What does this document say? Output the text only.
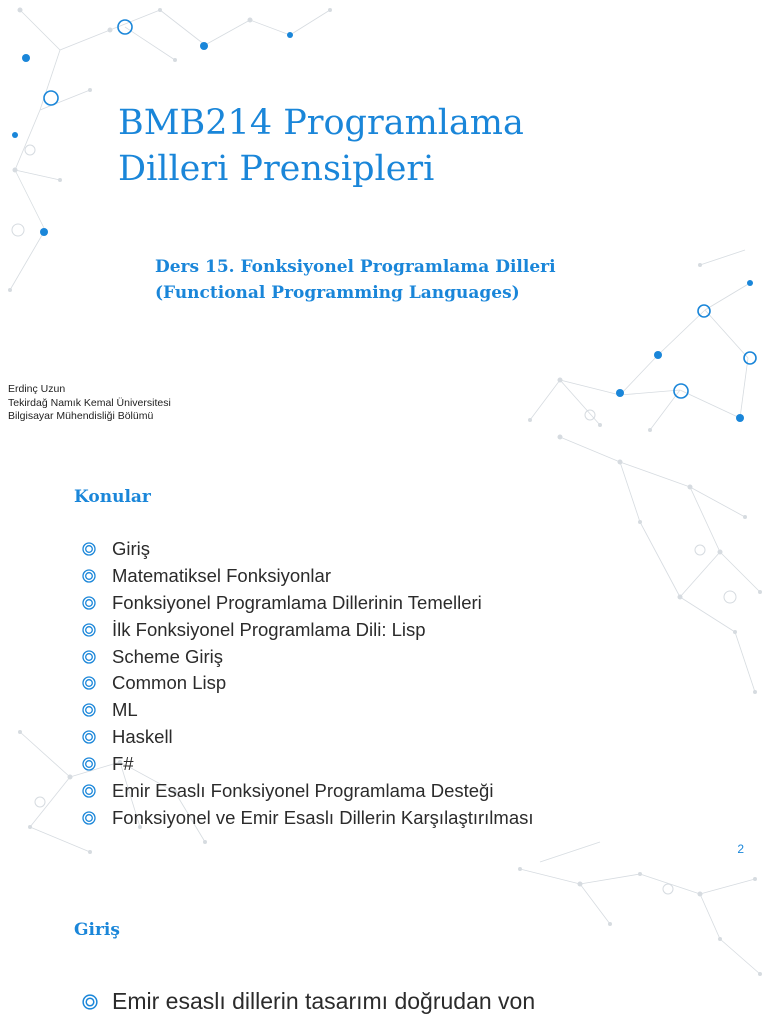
BMB214 Programlama
Dilleri Prensipleri

Ders 15. Fonksiyonel Programlama Dilleri
(Functional Programming Languages)

Erdinç Uzun
Tekirdağ Namık Kemal Üniversitesi
Bilgisayar Mühendisliği Bölümü
Konular
Giriş
Matematiksel Fonksiyonlar
Fonksiyonel Programlama Dillerinin Temelleri
İlk Fonksiyonel Programlama Dili: Lisp
Scheme Giriş
Common Lisp
ML
Haskell
F#
Emir Esaslı Fonksiyonel Programlama Desteği
Fonksiyonel ve Emir Esaslı Dillerin Karşılaştırılması
2
Giriş
Emir esaslı dillerin tasarımı doğrudan von
